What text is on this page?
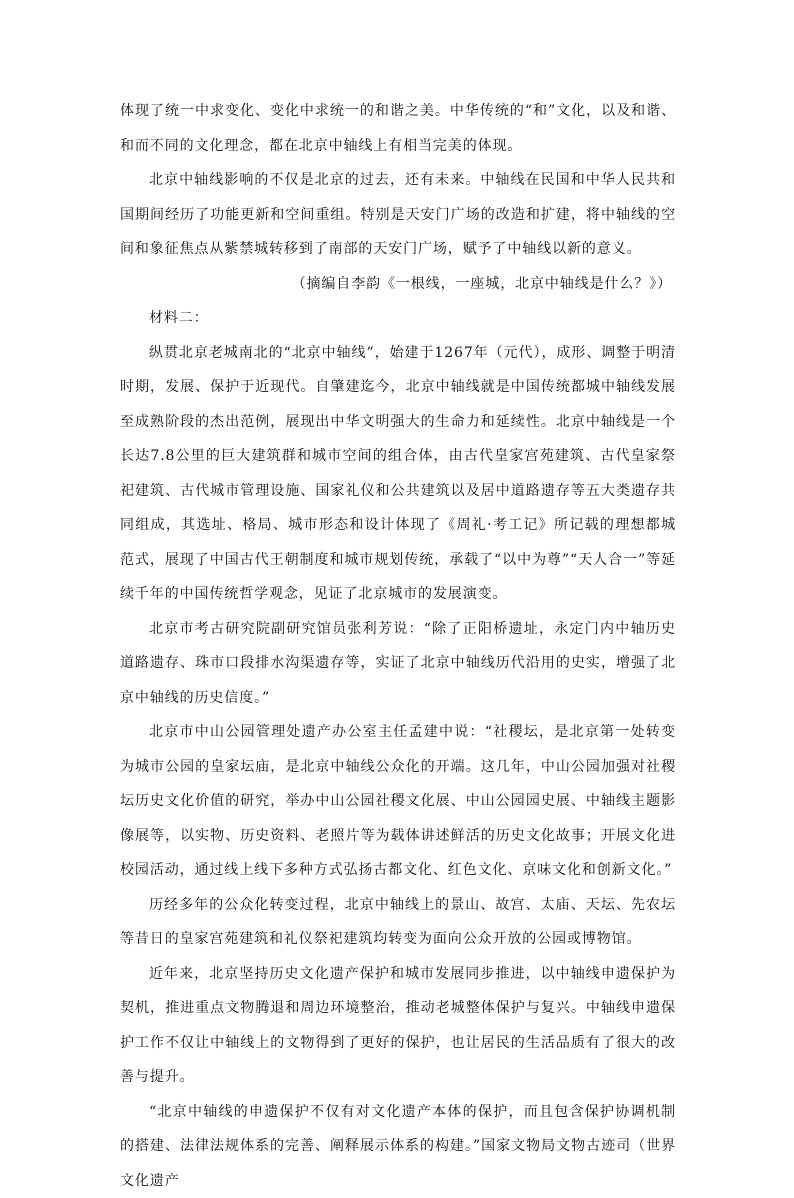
体现了统一中求变化、变化中求统一的和谐之美。中华传统的“和”文化，以及和谐、和而不同的文化理念，都在北京中轴线上有相当完美的体现。

北京中轴线影响的不仅是北京的过去，还有未来。中轴线在民国和中华人民共和国期间经历了功能更新和空间重组。特别是天安门广场的改造和扩建，将中轴线的空间和象征焦点从紫禁城转移到了南部的天安门广场，赋予了中轴线以新的意义。

（摘编自李韵《一根线，一座城，北京中轴线是什么？》）

材料二：

纵贯北京老城南北的“北京中轴线”，始建于1267年（元代），成形、调整于明清时期，发展、保护于近现代。自肇建迄今，北京中轴线就是中国传统都城中轴线发展至成熟阶段的杰出范例，展现出中华文明强大的生命力和延续性。北京中轴线是一个长达7.8公里的巨大建筑群和城市空间的组合体，由古代皇家宫苑建筑、古代皇家祭祀建筑、古代城市管理设施、国家礼仪和公共建筑以及居中道路遗存等五大类遗存共同组成，其选址、格局、城市形态和设计体现了《周礼·考工记》所记载的理想都城范式，展现了中国古代王朝制度和城市规划传统，承载了“以中为尊”“天人合一”等延续千年的中国传统哲学观念，见证了北京城市的发展演变。

北京市考古研究院副研究馆员张利芳说：“除了正阳桥遗址，永定门内中轴历史道路遗存、珠市口段排水沟渠遗存等，实证了北京中轴线历代沿用的史实，增强了北京中轴线的历史信度。”

北京市中山公园管理处遗产办公室主任孟建中说：“社稷坛，是北京第一处转变为城市公园的皇家坛庙，是北京中轴线公众化的开端。这几年，中山公园加强对社稷坛历史文化价值的研究，举办中山公园社稷文化展、中山公园园史展、中轴线主题影像展等，以实物、历史资料、老照片等为载体讲述鲜活的历史文化故事；开展文化进校园活动，通过线上线下多种方式弘扬古都文化、红色文化、京味文化和创新文化。”

历经多年的公众化转变过程，北京中轴线上的景山、故宫、太庙、天坛、先农坛等昔日的皇家宫苑建筑和礼仪祭祀建筑均转变为面向公众开放的公园或博物馆。

近年来，北京坚持历史文化遗产保护和城市发展同步推进，以中轴线申遗保护为契机，推进重点文物腾退和周边环境整治，推动老城整体保护与复兴。中轴线申遗保护工作不仅让中轴线上的文物得到了更好的保护，也让居民的生活品质有了很大的改善与提升。

“北京中轴线的申遗保护不仅有对文化遗产本体的保护，而且包含保护协调机制的搭建、法律法规体系的完善、阐释展示体系的构建。”国家文物局文物古迹司（世界文化遗产
